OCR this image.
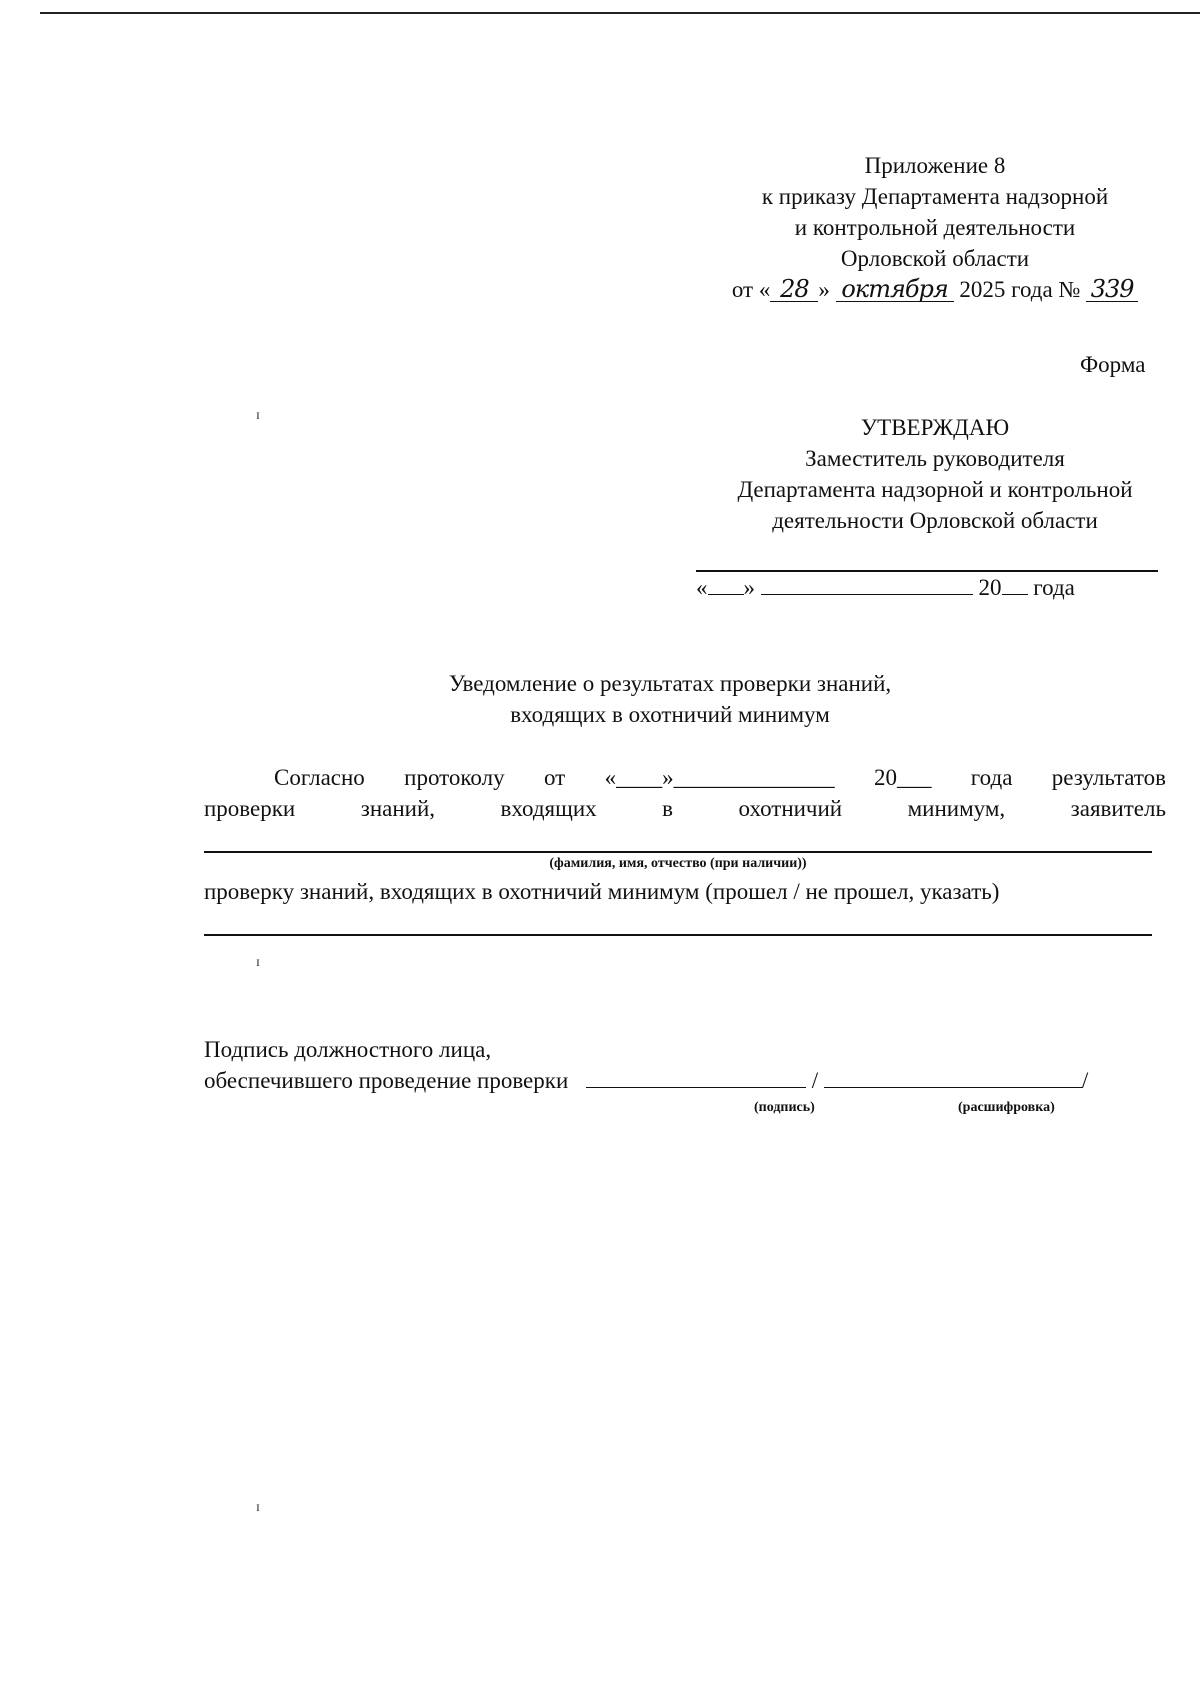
Приложение 8
к приказу Департамента надзорной
и контрольной деятельности
Орловской области
от « 28 » октября 2025 года № 339
Форма
УТВЕРЖДАЮ
Заместитель руководителя
Департамента надзорной и контрольной
деятельности Орловской области
« »	20 года
Уведомление о результатах проверки знаний,
входящих в охотничий минимум
Согласно протоколу от «____»______________ 20___ года результатов
проверки	знаний,	входящих	в	охотничий	минимум,	заявитель
(фамилия, имя, отчество (при наличии))
проверку знаний, входящих в охотничий минимум (прошел / не прошел, указать)
Подпись должностного лица,
обеспечившего проведение проверки	/	/
(подпись)	(расшифровка)
ɪ
ɪ
ɪ
